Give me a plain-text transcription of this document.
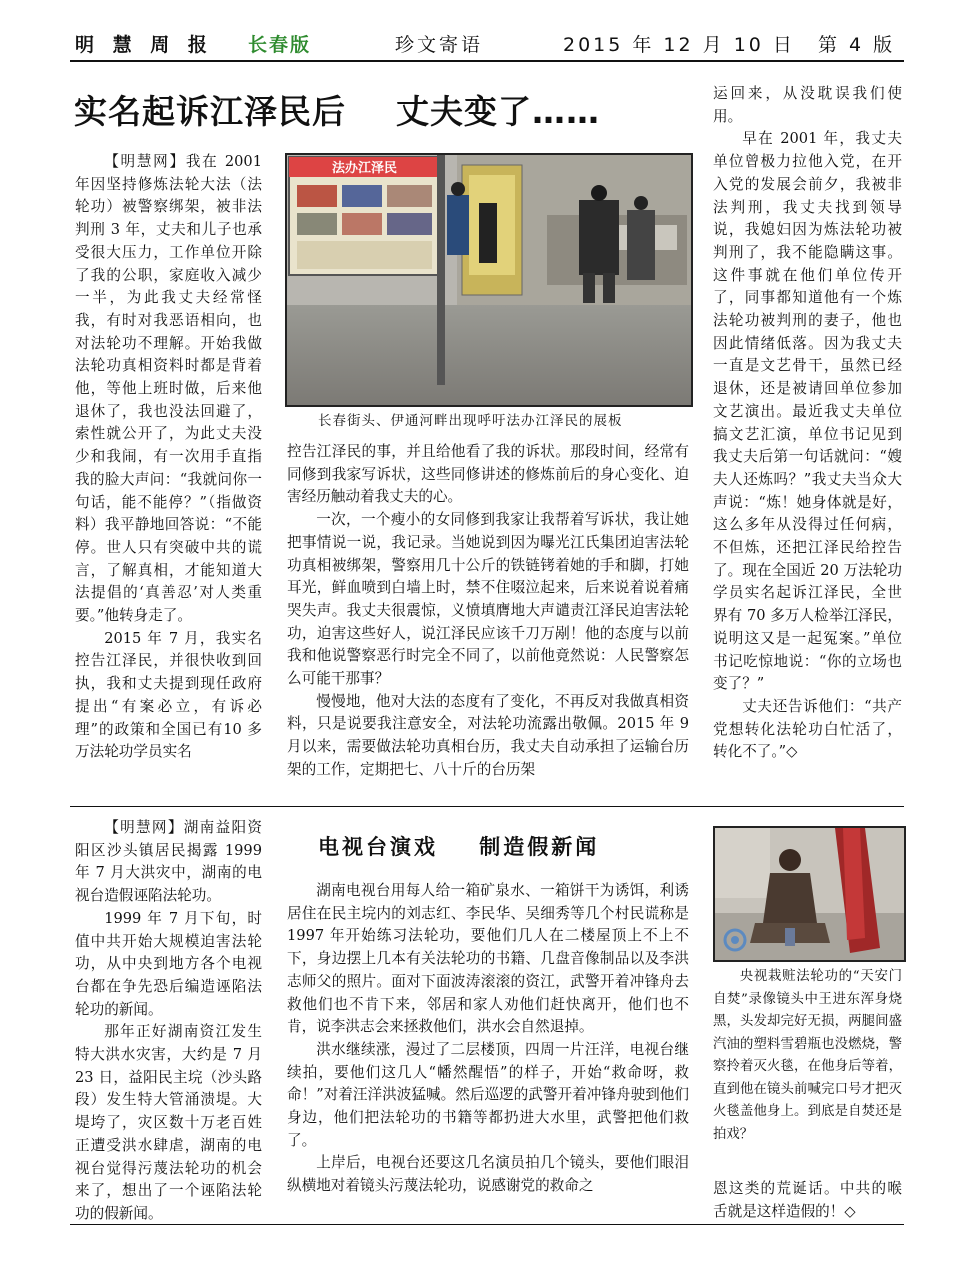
明 慧 周 报 长春版	珍文寄语	2015 年 12 月 10 日 第 4 版
实名起诉江泽民后    丈夫变了……
法办江泽民
长春街头、伊通河畔出现呼吁法办江泽民的展板

【明慧网】我在 2001 年因坚持修炼法轮大法（法轮功）被警察绑架，被非法判刑 3 年，丈夫和儿子也承受很大压力，工作单位开除了我的公职，家庭收入减少一半，为此我丈夫经常怪我，有时对我恶语相向，也对法轮功不理解。开始我做法轮功真相资料时都是背着他，等他上班时做，后来他退休了，我也没法回避了，索性就公开了，为此丈夫没少和我闹，有一次用手直指我的脸大声问：“我就问你一句话，能不能停？”（指做资料）我平静地回答说：“不能停。世人只有突破中共的谎言，了解真相，才能知道大法提倡的‘真善忍’对人类重要。”他转身走了。

2015 年 7 月，我实名控告江泽民，并很快收到回执，我和丈夫提到现任政府提出“有案必立，有诉必理”的政策和全国已有10 多万法轮功学员实名

控告江泽民的事，并且给他看了我的诉状。那段时间，经常有同修到我家写诉状，这些同修讲述的修炼前后的身心变化、迫害经历触动着我丈夫的心。

一次，一个瘦小的女同修到我家让我帮着写诉状，我让她把事情说一说，我记录。当她说到因为曝光江氏集团迫害法轮功真相被绑架，警察用几十公斤的铁链铐着她的手和脚，打她耳光，鲜血喷到白墙上时，禁不住啜泣起来，后来说着说着痛哭失声。我丈夫很震惊，义愤填膺地大声谴责江泽民迫害法轮功，迫害这些好人，说江泽民应该千刀万剐！他的态度与以前我和他说警察恶行时完全不同了，以前他竟然说：人民警察怎么可能干那事？

慢慢地，他对大法的态度有了变化，不再反对我做真相资料，只是说要我注意安全，对法轮功流露出敬佩。2015 年 9 月以来，需要做法轮功真相台历，我丈夫自动承担了运输台历架的工作，定期把七、八十斤的台历架

运回来，从没耽误我们使用。

早在 2001 年，我丈夫单位曾极力拉他入党，在开入党的发展会前夕，我被非法判刑，我丈夫找到领导说，我媳妇因为炼法轮功被判刑了，我不能隐瞒这事。这件事就在他们单位传开了，同事都知道他有一个炼法轮功被判刑的妻子，他也因此情绪低落。因为我丈夫一直是文艺骨干，虽然已经退休，还是被请回单位参加文艺演出。最近我丈夫单位搞文艺汇演，单位书记见到我丈夫后第一句话就问：“嫂夫人还炼吗？”我丈夫当众大声说：“炼！她身体就是好，这么多年从没得过任何病，不但炼，还把江泽民给控告了。现在全国近 20 万法轮功学员实名起诉江泽民，全世界有 70 多万人检举江泽民，说明这又是一起冤案。”单位书记吃惊地说：“你的立场也变了？”

丈夫还告诉他们：“共产党想转化法轮功白忙活了，转化不了。”◇

电视台演戏    制造假新闻

【明慧网】湖南益阳资阳区沙头镇居民揭露 1999 年 7 月大洪灾中，湖南的电视台造假诬陷法轮功。

1999 年 7 月下旬，时值中共开始大规模迫害法轮功，从中央到地方各个电视台都在争先恐后编造诬陷法轮功的新闻。

那年正好湖南资江发生特大洪水灾害，大约是 7 月 23 日，益阳民主垸（沙头路段）发生特大管涌溃堤。大堤垮了，灾区数十万老百姓正遭受洪水肆虐，湖南的电视台觉得污蔑法轮功的机会来了，想出了一个诬陷法轮功的假新闻。

湖南电视台用每人给一箱矿泉水、一箱饼干为诱饵，利诱居住在民主垸内的刘志红、李民华、吴细秀等几个村民谎称是 1997 年开始练习法轮功，要他们几人在二楼屋顶上不上不下，身边摆上几本有关法轮功的书籍、几盘音像制品以及李洪志师父的照片。面对下面波涛滚滚的资江，武警开着冲锋舟去救他们也不肯下来，邻居和家人劝他们赶快离开，他们也不肯，说李洪志会来拯救他们，洪水会自然退掉。

洪水继续涨，漫过了二层楼顶，四周一片汪洋，电视台继续拍，要他们这几人“幡然醒悟”的样子，开始“救命呀，救命！”对着汪洋洪波猛喊。然后巡逻的武警开着冲锋舟驶到他们身边，他们把法轮功的书籍等都扔进大水里，武警把他们救了。

上岸后，电视台还要这几名演员拍几个镜头，要他们眼泪纵横地对着镜头污蔑法轮功，说感谢党的救命之

央视栽赃法轮功的“天安门自焚”录像镜头中王进东浑身烧黑，头发却完好无损，两腿间盛汽油的塑料雪碧瓶也没燃烧，警察拎着灭火毯，在他身后等着，直到他在镜头前喊完口号才把灭火毯盖他身上。到底是自焚还是拍戏？

恩这类的荒诞话。中共的喉舌就是这样造假的！◇
